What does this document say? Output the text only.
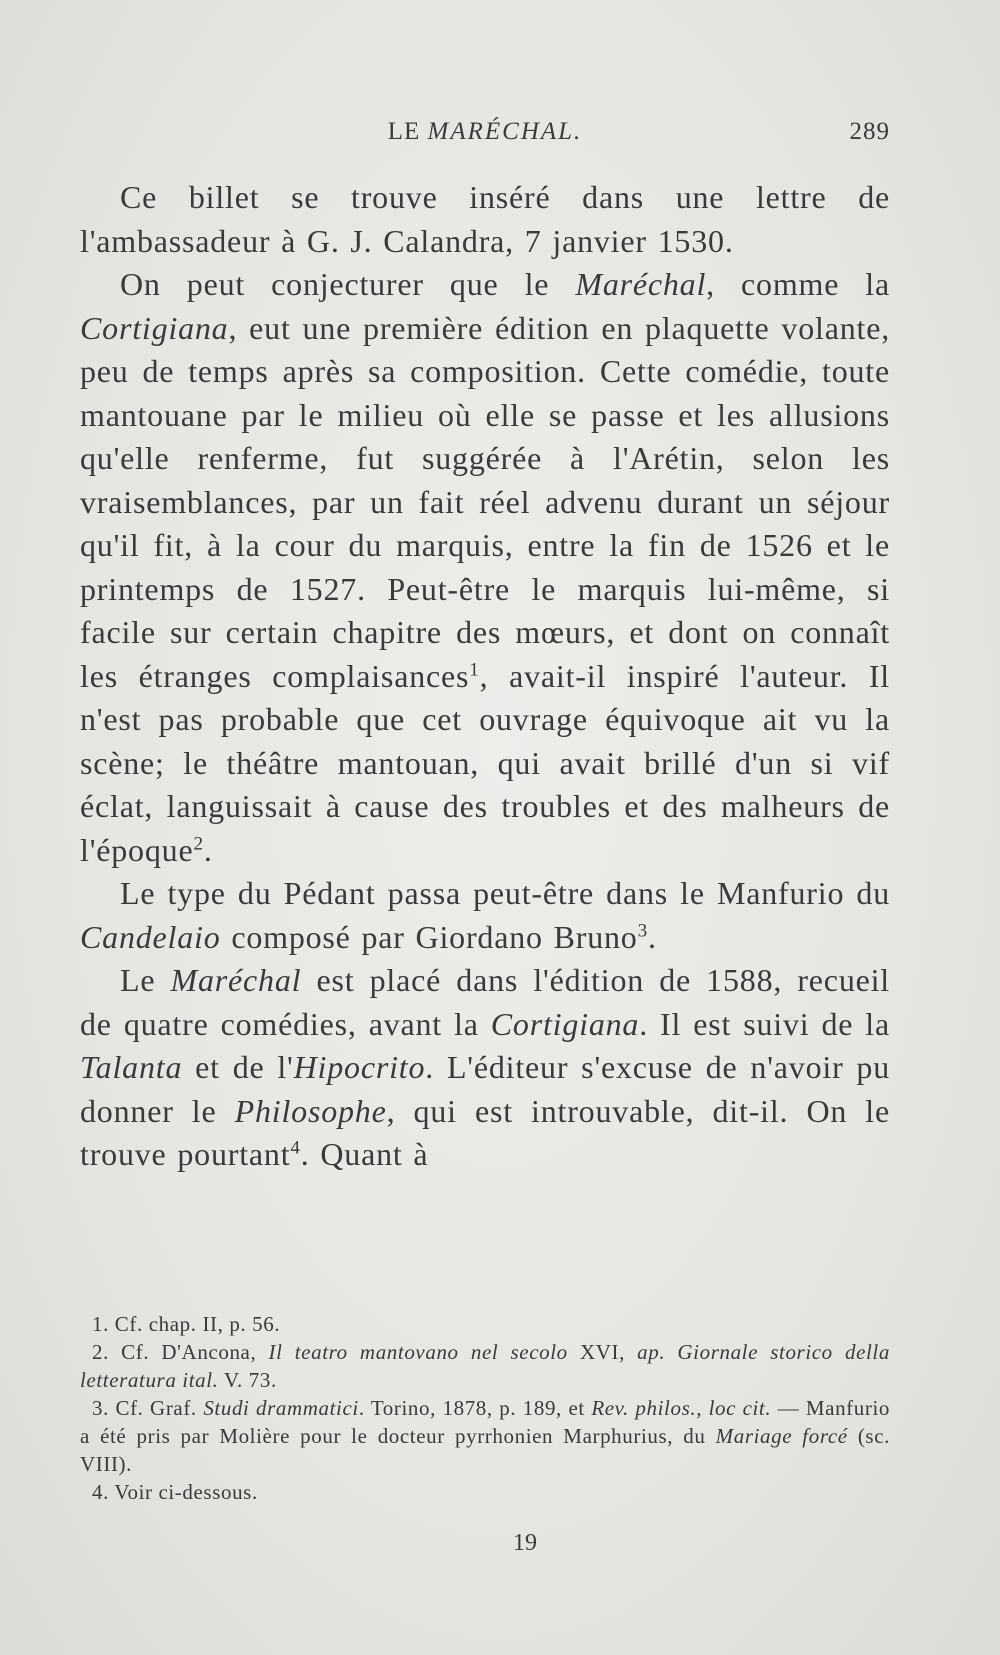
LE MARÉCHAL.	289

Ce billet se trouve inséré dans une lettre de l'ambassadeur à G. J. Calandra, 7 janvier 1530.

On peut conjecturer que le Maréchal, comme la Cortigiana, eut une première édition en plaquette volante, peu de temps après sa composition. Cette comédie, toute mantouane par le milieu où elle se passe et les allusions qu'elle renferme, fut suggérée à l'Arétin, selon les vraisemblances, par un fait réel advenu durant un séjour qu'il fit, à la cour du marquis, entre la fin de 1526 et le printemps de 1527. Peut-être le marquis lui-même, si facile sur certain chapitre des mœurs, et dont on connaît les étranges complaisances$^1$, avait-il inspiré l'auteur. Il n'est pas probable que cet ouvrage équivoque ait vu la scène; le théâtre mantouan, qui avait brillé d'un si vif éclat, languissait à cause des troubles et des malheurs de l'époque$^2$.

Le type du Pédant passa peut-être dans le Manfurio du Candelaio composé par Giordano Bruno$^3$.

Le Maréchal est placé dans l'édition de 1588, recueil de quatre comédies, avant la Cortigiana. Il est suivi de la Talanta et de l'Hipocrito. L'éditeur s'excuse de n'avoir pu donner le Philosophe, qui est introuvable, dit-il. On le trouve pourtant$^4$. Quant à

1. Cf. chap. II, p. 56.

2. Cf. D'Ancona, Il teatro mantovano nel secolo XVI, ap. Giornale storico della letteratura ital. V. 73.

3. Cf. Graf. Studi drammatici. Torino, 1878, p. 189, et Rev. philos., loc cit. — Manfurio a été pris par Molière pour le docteur pyrrhonien Marphurius, du Mariage forcé (sc. VIII).

4. Voir ci-dessous.

19
